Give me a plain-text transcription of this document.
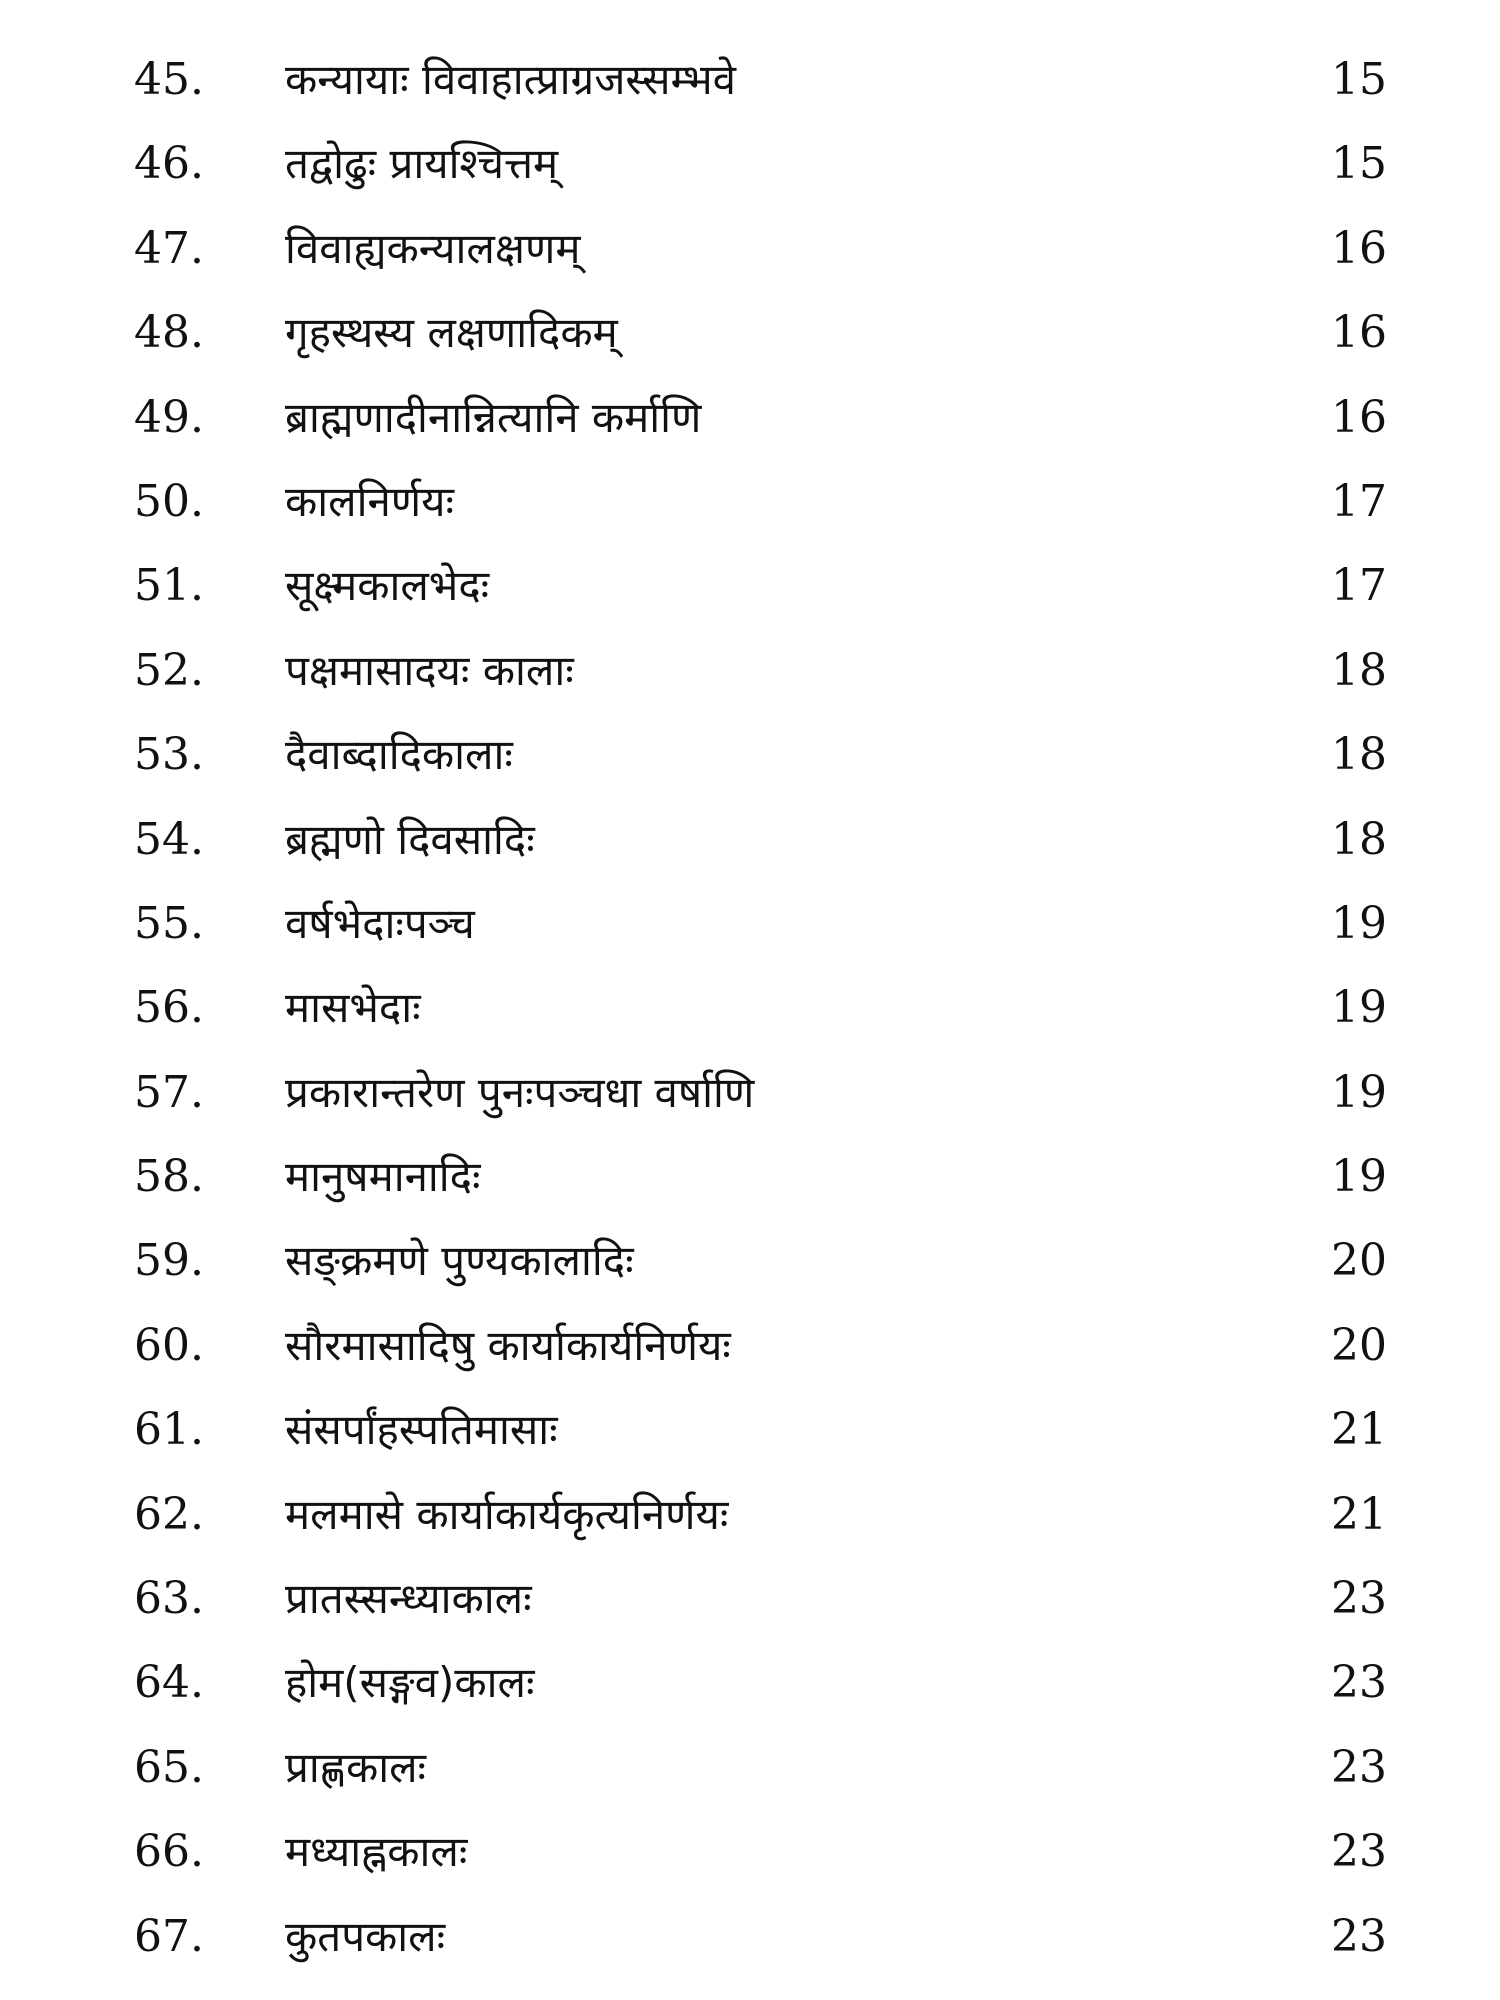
45. कन्यायाः विवाहात्प्राग्रजस्सम्भवे	15
46. तद्वोढुः प्रायश्चित्तम्	15
47. विवाह्यकन्यालक्षणम्	16
48. गृहस्थस्य लक्षणादिकम्	16
49. ब्राह्मणादीनान्नित्यानि कर्माणि	16
50. कालनिर्णयः	17
51. सूक्ष्मकालभेदः	17
52. पक्षमासादयः कालाः	18
53. दैवाब्दादिकालाः	18
54. ब्रह्मणो दिवसादिः	18
55. वर्षभेदाःपञ्च	19
56. मासभेदाः	19
57. प्रकारान्तरेण पुनःपञ्चधा वर्षाणि	19
58. मानुषमानादिः	19
59. सङ्क्रमणे पुण्यकालादिः	20
60. सौरमासादिषु कार्याकार्यनिर्णयः	20
61. संसर्पांहस्पतिमासाः	21
62. मलमासे कार्याकार्यकृत्यनिर्णयः	21
63. प्रातस्सन्ध्याकालः	23
64. होम(सङ्गव)कालः	23
65. प्राह्णकालः	23
66. मध्याह्नकालः	23
67. कुतपकालः	23
